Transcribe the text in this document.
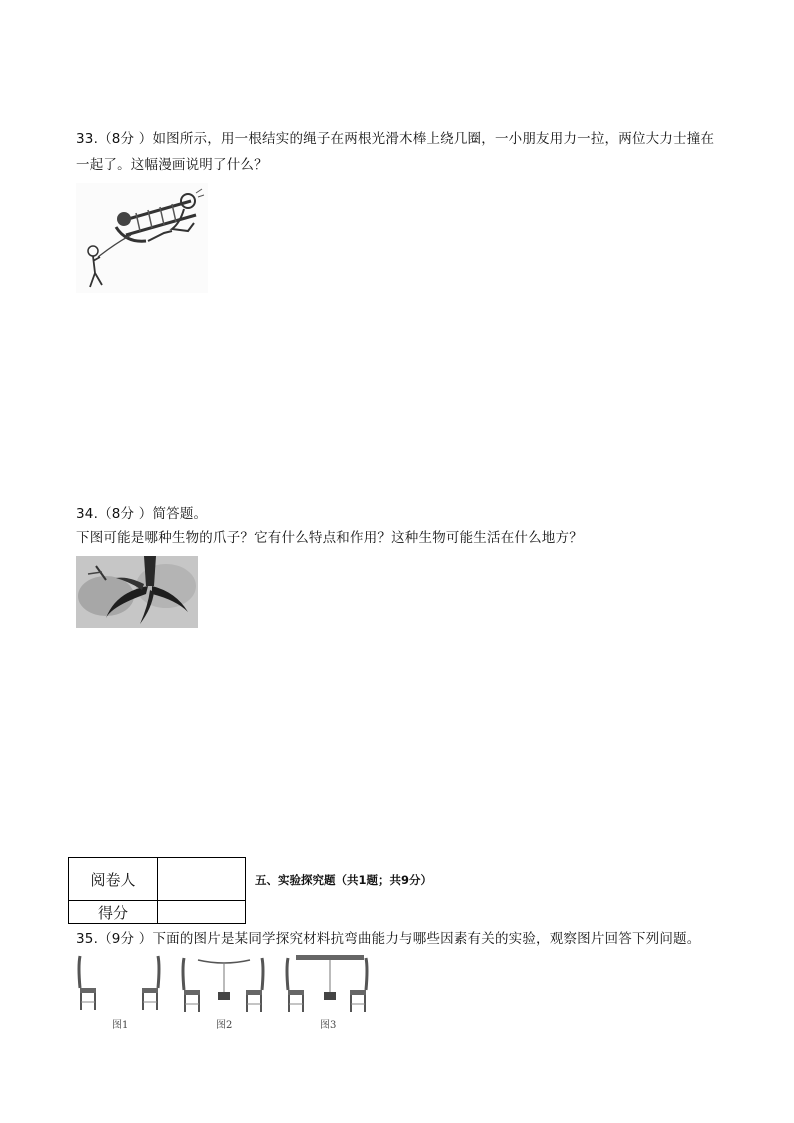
33.（8分 ）如图所示，用一根结实的绳子在两根光滑木棒上绕几圈，一小朋友用力一拉，两位大力士撞在
一起了。这幅漫画说明了什么？
34.（8分 ）简答题。
下图可能是哪种生物的爪子？它有什么特点和作用？这种生物可能生活在什么地方？
阅卷人	
得分	
五、实验探究题（共1题；共9分）
35.（9分 ）下面的图片是某同学探究材料抗弯曲能力与哪些因素有关的实验，观察图片回答下列问题。
图1	图2	图3
